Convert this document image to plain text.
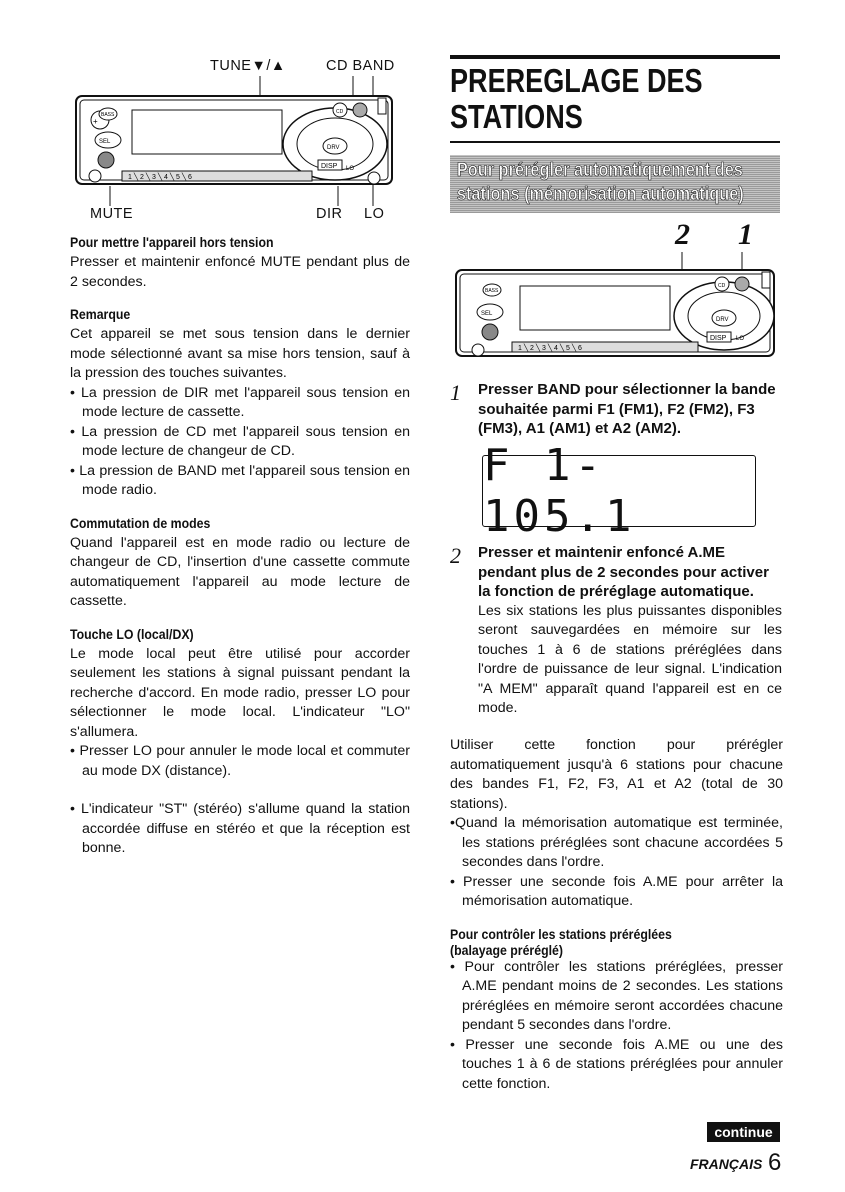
TUNE▼/▲	CD BAND
+
SEL
BASS
DRV
DISP LO
CD
1 ╲ 2 ╲ 3 ╲ 4 ╲ 5 ╲ 6
MUTE	DIR LO

Pour mettre l'appareil hors tension

Presser et maintenir enfoncé MUTE pendant plus de 2 secondes.

Remarque

Cet appareil se met sous tension dans le dernier mode sélectionné avant sa mise hors tension, sauf à la pression des touches suivantes.

• La pression de DIR met l'appareil sous tension en mode lecture de cassette.

• La pression de CD met l'appareil sous tension en mode lecture de changeur de CD.

• La pression de BAND met l'appareil sous tension en mode radio.

Commutation de modes

Quand l'appareil est en mode radio ou lecture de changeur de CD, l'insertion d'une cassette commute automatiquement l'appareil au mode lecture de cassette.

Touche LO (local/DX)

Le mode local peut être utilisé pour accorder seulement les stations à signal puissant pendant la recherche d'accord. En mode radio, presser LO pour sélectionner le mode local. L'indicateur "LO" s'allumera.

• Presser LO pour annuler le mode local et commuter au mode DX (distance).

• L'indicateur "ST" (stéréo) s'allume quand la station accordée diffuse en stéréo et que la réception est bonne.

PREREGLAGE DES

STATIONS

Pour prérégler automatiquement des
stations (mémorisation automatique)
2 1
SEL
BASS
DRV
DISP LO
CD
1 ╲ 2 ╲ 3 ╲ 4 ╲ 5 ╲ 6
1 Presser BAND pour sélectionner la bande souhaitée parmi F1 (FM1), F2 (FM2), F3 (FM3), A1 (AM1) et A2 (AM2).
F 1-105.1
2 Presser et maintenir enfoncé A.ME pendant plus de 2 secondes pour activer la fonction de préréglage automatique.

Les six stations les plus puissantes disponibles seront sauvegardées en mémoire sur les touches 1 à 6 de stations préréglées dans l'ordre de puissance de leur signal. L'indication "A MEM" apparaît quand l'appareil est en ce mode.

Utiliser cette fonction pour prérégler automatiquement jusqu'à 6 stations pour chacune des bandes F1, F2, F3, A1 et A2 (total de 30 stations).

•Quand la mémorisation automatique est terminée, les stations préréglées sont chacune accordées 5 secondes dans l'ordre.

• Presser une seconde fois A.ME pour arrêter la mémorisation automatique.

Pour contrôler les stations préréglées

(balayage préréglé)

• Pour contrôler les stations préréglées, presser A.ME pendant moins de 2 secondes. Les stations préréglées en mémoire seront accordées chacune pendant 5 secondes dans l'ordre.

• Presser une seconde fois A.ME ou une des touches 1 à 6 de stations préréglées pour annuler cette fonction.

continue
FRANÇAIS 6
